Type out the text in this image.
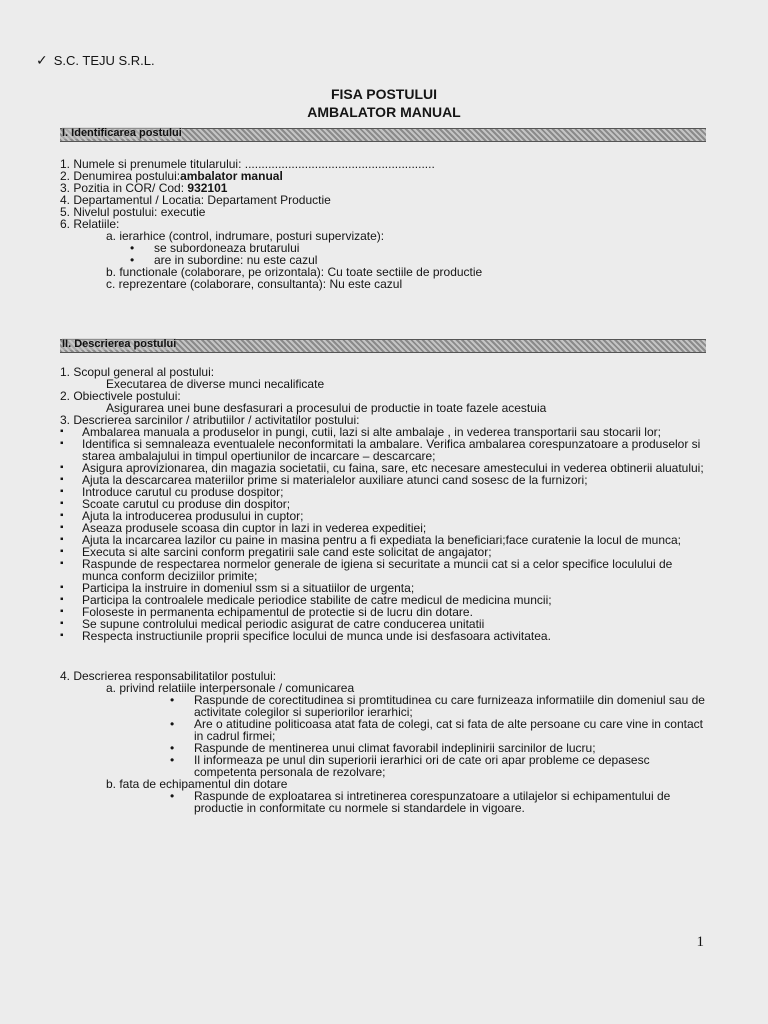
✓ S.C. TEJU S.R.L.
FISA POSTULUI
AMBALATOR MANUAL
I. Identificarea postului
1. Numele si prenumele titularului: .........................................................
2. Denumirea postului:ambalator manual
3. Pozitia in COR/ Cod: 932101
4. Departamentul / Locatia: Departament Productie
5. Nivelul postului: executie
6. Relatiile:
a. ierarhice (control, indrumare, posturi supervizate):
• se subordoneaza brutarului
• are in subordine: nu este cazul
b. functionale (colaborare, pe orizontala): Cu toate sectiile de productie
c. reprezentare (colaborare, consultanta): Nu este cazul
II. Descrierea postului
1. Scopul general al postului:
Executarea de diverse munci necalificate
2. Obiectivele postului:
Asigurarea unei bune desfasurari a procesului de productie in toate fazele acestuia
3. Descrierea sarcinilor / atributiilor / activitatilor postului:
▪ Ambalarea manuala a produselor in pungi, cutii, lazi si alte ambalaje , in vederea transportarii sau stocarii lor;
▪ Identifica si semnaleaza eventualele neconformitati la ambalare. Verifica ambalarea corespunzatoare a produselor si starea ambalajului in timpul opertiunilor de incarcare – descarcare;
▪ Asigura aprovizionarea, din magazia societatii, cu faina, sare, etc necesare amestecului in vederea obtinerii aluatului;
▪ Ajuta la descarcarea materiilor prime si materialelor auxiliare atunci cand sosesc de la furnizori;
▪ Introduce carutul cu produse dospitor;
▪ Scoate carutul cu produse din dospitor;
▪ Ajuta la introducerea produsului in cuptor;
▪ Aseaza produsele scoasa din cuptor in lazi in vederea expeditiei;
▪ Ajuta la incarcarea lazilor cu paine in masina pentru a fi expediata la beneficiari;face curatenie la locul de munca;
▪ Executa si alte sarcini conform pregatirii sale cand este solicitat de angajator;
▪ Raspunde de respectarea normelor generale de igiena si securitate a muncii cat si a celor specifice loculului de munca conform deciziilor primite;
▪ Participa la instruire in domeniul ssm si a situatiilor de urgenta;
▪ Participa la controalele medicale periodice stabilite de catre medicul de medicina muncii;
▪ Foloseste in permanenta echipamentul de protectie si de lucru din dotare.
▪ Se supune controlului medical periodic asigurat de catre conducerea unitatii
▪ Respecta instructiunile proprii specifice locului de munca unde isi desfasoara activitatea.
4. Descrierea responsabilitatilor postului:
a. privind relatiile interpersonale / comunicarea
• Raspunde de corectitudinea si promtitudinea cu care furnizeaza informatiile din domeniul sau de activitate colegilor si superiorilor ierarhici;
• Are o atitudine politicoasa atat fata de colegi, cat si fata de alte persoane cu care vine in contact in cadrul firmei;
• Raspunde de mentinerea unui climat favorabil indeplinirii sarcinilor de lucru;
• Il informeaza pe unul din superiorii ierarhici ori de cate ori apar probleme ce depasesc competenta personala de rezolvare;
b. fata de echipamentul din dotare
• Raspunde de exploatarea si intretinerea corespunzatoare a utilajelor si echipamentului de productie in conformitate cu normele si standardele in vigoare.
1
